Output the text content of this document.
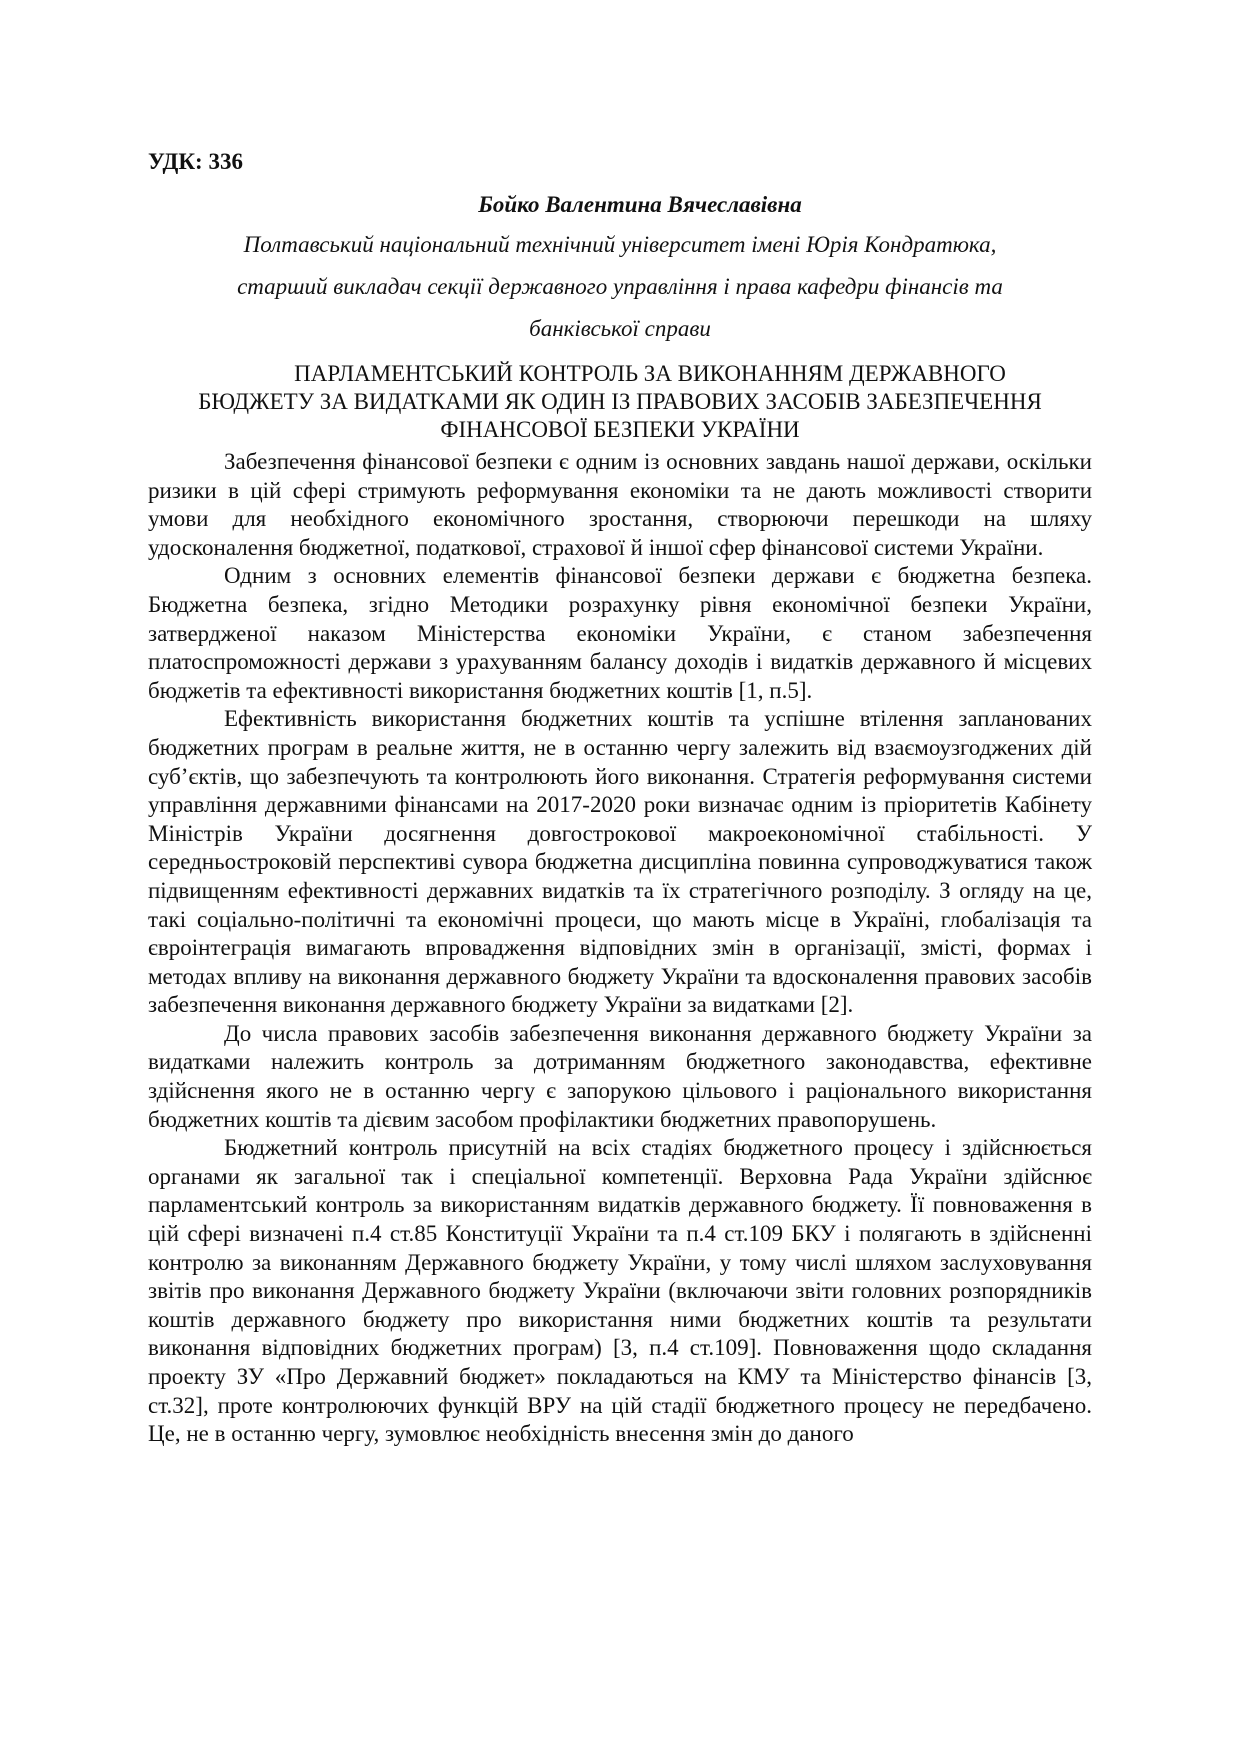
УДК: 336

Бойко Валентина Вячеславівна

Полтавський національний технічний університет імені Юрія Кондратюка,
старший викладач секції державного управління і права кафедри фінансів та
банківської справи

ПАРЛАМЕНТСЬКИЙ КОНТРОЛЬ ЗА ВИКОНАННЯМ ДЕРЖАВНОГО
БЮДЖЕТУ ЗА ВИДАТКАМИ ЯК ОДИН ІЗ ПРАВОВИХ ЗАСОБІВ ЗАБЕЗПЕЧЕННЯ
ФІНАНСОВОЇ БЕЗПЕКИ УКРАЇНИ

Забезпечення фінансової безпеки є одним із основних завдань нашої держави, оскільки ризики в цій сфері стримують реформування економіки та не дають можливості створити умови для необхідного економічного зростання, створюючи перешкоди на шляху удосконалення бюджетної, податкової, страхової й іншої сфер фінансової системи України.

Одним з основних елементів фінансової безпеки держави є бюджетна безпека. Бюджетна безпека, згідно Методики розрахунку рівня економічної безпеки України, затвердженої наказом Міністерства економіки України, є станом забезпечення платоспроможності держави з урахуванням балансу доходів і видатків державного й місцевих бюджетів та ефективності використання бюджетних коштів [1, п.5].

Ефективність використання бюджетних коштів та успішне втілення запланованих бюджетних програм в реальне життя, не в останню чергу залежить від взаємоузгоджених дій суб’єктів, що забезпечують та контролюють його виконання. Стратегія реформування системи управління державними фінансами на 2017-2020 роки визначає одним із пріоритетів Кабінету Міністрів України досягнення довгострокової макроекономічної стабільності. У середньостроковій перспективі сувора бюджетна дисципліна повинна супроводжуватися також підвищенням ефективності державних видатків та їх стратегічного розподілу. З огляду на це, такі соціально-політичні та економічні процеси, що мають місце в Україні, глобалізація та євроінтеграція вимагають впровадження відповідних змін в організації, змісті, формах і методах впливу на виконання державного бюджету України та вдосконалення правових засобів забезпечення виконання державного бюджету України за видатками [2].

До числа правових засобів забезпечення виконання державного бюджету України за видатками належить контроль за дотриманням бюджетного законодавства, ефективне здійснення якого не в останню чергу є запорукою цільового і раціонального використання бюджетних коштів та дієвим засобом профілактики бюджетних правопорушень.

Бюджетний контроль присутній на всіх стадіях бюджетного процесу і здійснюється органами як загальної так і спеціальної компетенції. Верховна Рада України здійснює парламентський контроль за використанням видатків державного бюджету. Її повноваження в цій сфері визначені п.4 ст.85 Конституції України та п.4 ст.109 БКУ і полягають в здійсненні контролю за виконанням Державного бюджету України, у тому числі шляхом заслуховування звітів про виконання Державного бюджету України (включаючи звіти головних розпорядників коштів державного бюджету про використання ними бюджетних коштів та результати виконання відповідних бюджетних програм) [3, п.4 ст.109]. Повноваження щодо складання проекту ЗУ «Про Державний бюджет» покладаються на КМУ та Міністерство фінансів [3, ст.32], проте контролюючих функцій ВРУ на цій стадії бюджетного процесу не передбачено. Це, не в останню чергу, зумовлює необхідність внесення змін до даного
